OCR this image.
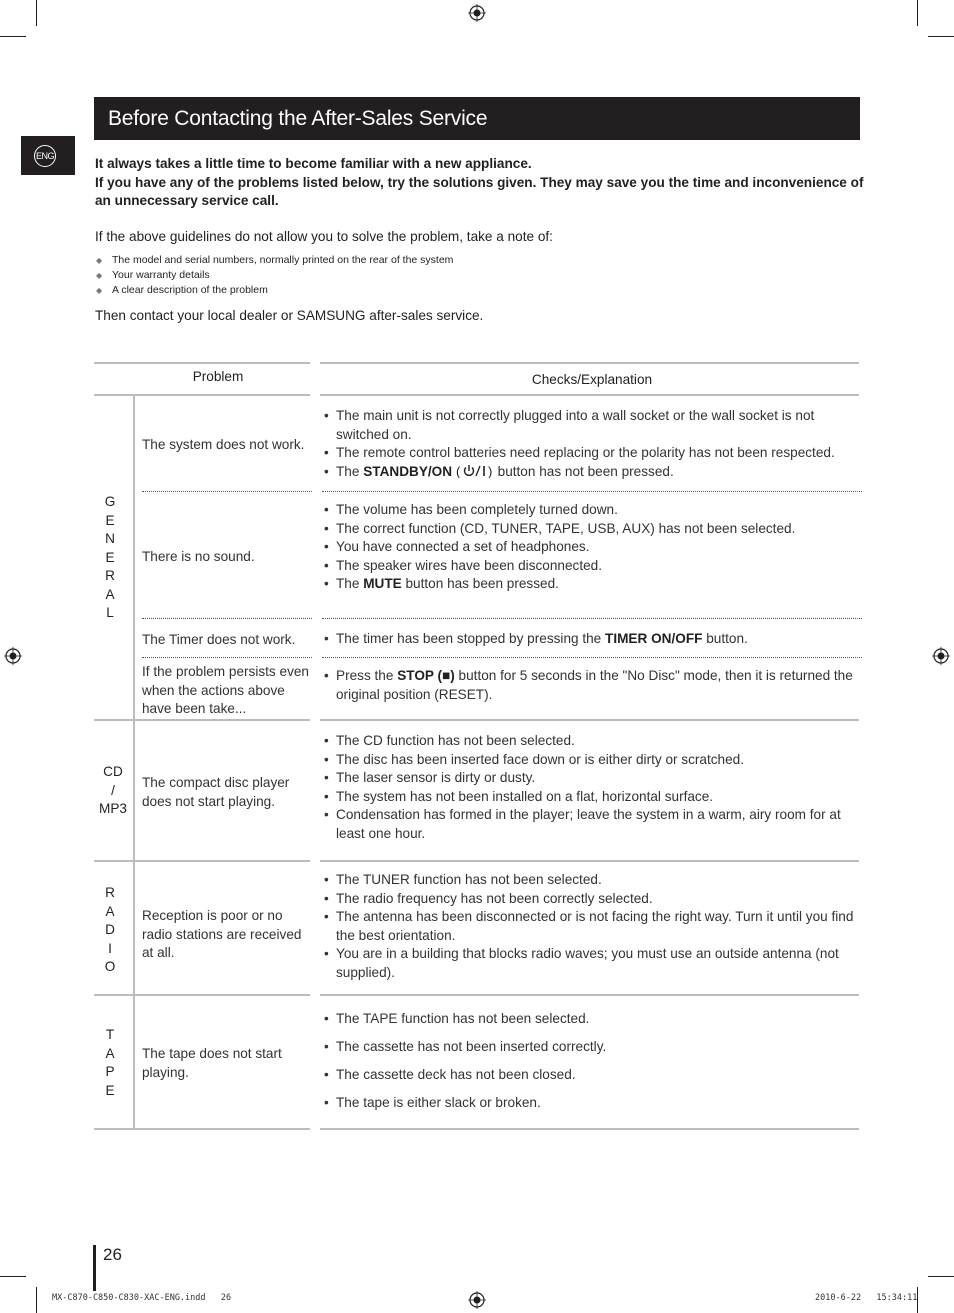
Before Contacting the After-Sales Service
ENG	It always takes a little time to become familiar with a new appliance.

If you have any of the problems listed below, try the solutions given. They may save you the time and inconvenience of an unnecessary service call.

If the above guidelines do not allow you to solve the problem, take a note of:
◆ The model and serial numbers, normally printed on the rear of the system
◆ Your warranty details
◆ A clear description of the problem
Then contact your local dealer or SAMSUNG after-sales service.
Problem	Checks/Explanation
G
E
N
E
R
A
L
The system does not work.
• The main unit is not correctly plugged into a wall socket or the wall socket is not switched on.
• The remote control batteries need replacing or the polarity has not been respected.
• The STANDBY/ON ( ) button has not been pressed.
There is no sound.
• The volume has been completely turned down.
• The correct function (CD, TUNER, TAPE, USB, AUX) has not been selected.
• You have connected a set of headphones.
• The speaker wires have been disconnected.
• The MUTE button has been pressed.
The Timer does not work.
•	The timer has been stopped by pressing the TIMER ON/OFF button.
If the problem persists even when the actions above have been take...
• Press the STOP (■) button for 5 seconds in the "No Disc" mode, then it is returned the original position (RESET).
CD
/
MP3
The compact disc player does not start playing.
• The CD function has not been selected.
• The disc has been inserted face down or is either dirty or scratched.
• The laser sensor is dirty or dusty.
• The system has not been installed on a flat, horizontal surface.
• Condensation has formed in the player; leave the system in a warm, airy room for at least one hour.
R
A
D
I
O
Reception is poor or no radio stations are received at all.
• The TUNER function has not been selected.
• The radio frequency has not been correctly selected.
• The antenna has been disconnected or is not facing the right way. Turn it until you find the best orientation.
• You are in a building that blocks radio waves; you must use an outside antenna (not supplied).
T
A
P
E
The tape does not start playing.
• The TAPE function has not been selected.
• The cassette has not been inserted correctly.
• The cassette deck has not been closed.
• The tape is either slack or broken.
26
MX-C870-C850-C830-XAC-ENG.indd   26	2010-6-22   15:34:11
